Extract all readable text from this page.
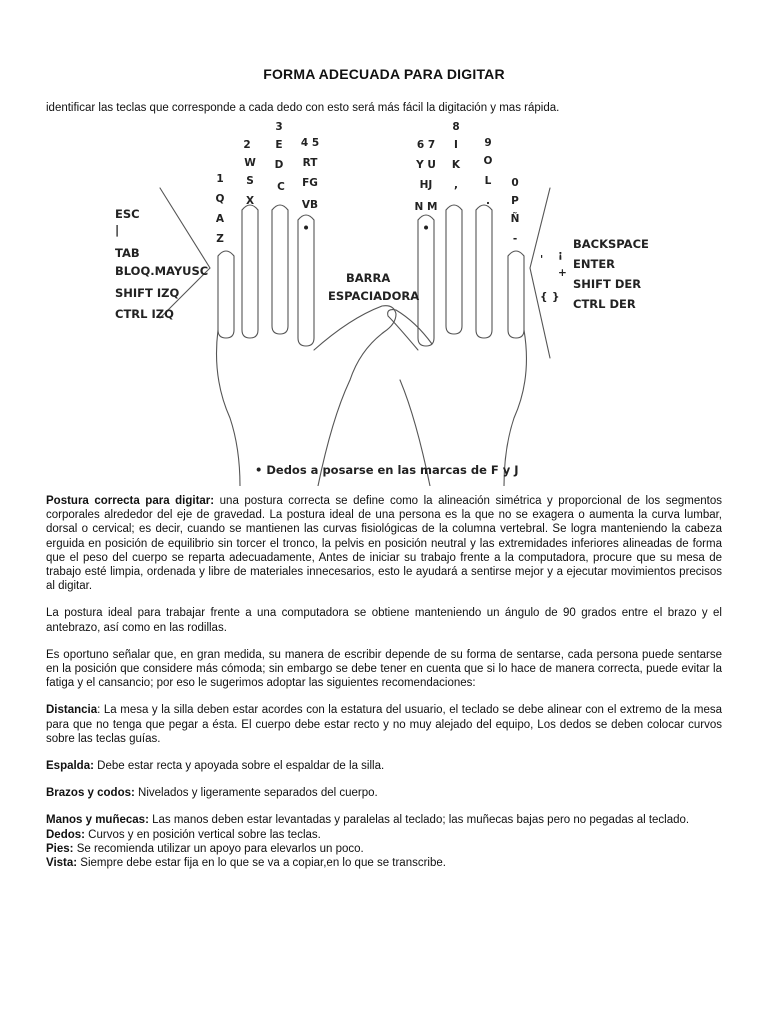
FORMA ADECUADA PARA DIGITAR
identificar las teclas que corresponde a cada dedo con esto será más fácil la digitación y mas rápida.
ESC
|
TAB
BLOQ.MAYUSC
SHIFT IZQ
CTRL IZQ
BACKSPACE
ENTER
SHIFT DER
CTRL DER
' ¡
+
{ }
BARRA
ESPACIADORA
1
Q
A
Z
2
W
S
X
3
E
D
C
4 5
RT
FG
VB
6 7
Y U
HJ
N M
8
I
K
,
9
O
L
.
0
P
Ñ
-
•	•
• Dedos a posarse en las marcas de F y J

Postura correcta para digitar: una postura correcta se define como la alineación simétrica y proporcional de los segmentos corporales alrededor del eje de gravedad. La postura ideal de una persona es la que no se exagera o aumenta la curva lumbar, dorsal o cervical; es decir, cuando se mantienen las curvas fisiológicas de la columna vertebral. Se logra manteniendo la cabeza erguida en posición de equilibrio sin torcer el tronco, la pelvis en posición neutral y las extremidades inferiores alineadas de forma que el peso del cuerpo se reparta adecuadamente, Antes de iniciar su trabajo frente a la computadora, procure que su mesa de trabajo esté limpia, ordenada y libre de materiales innecesarios, esto le ayudará a sentirse mejor y a ejecutar movimientos precisos al digitar.

La postura ideal para trabajar frente a una computadora se obtiene manteniendo un ángulo de 90 grados entre el brazo y el antebrazo, así como en las rodillas.

Es oportuno señalar que, en gran medida, su manera de escribir depende de su forma de sentarse, cada persona puede sentarse en la posición que considere más cómoda; sin embargo se debe tener en cuenta que si lo hace de manera correcta, puede evitar la fatiga y el cansancio; por eso le sugerimos adoptar las siguientes recomendaciones:

Distancia: La mesa y la silla deben estar acordes con la estatura del usuario, el teclado se debe alinear con el extremo de la mesa para que no tenga que pegar a ésta. El cuerpo debe estar recto y no muy alejado del equipo, Los dedos se deben colocar curvos sobre las teclas guías.

Espalda: Debe estar recta y apoyada sobre el espaldar de la silla.

Brazos y codos: Nivelados y ligeramente separados del cuerpo.

Manos y muñecas: Las manos deben estar levantadas y paralelas al teclado; las muñecas bajas pero no pegadas al teclado.

Dedos: Curvos y en posición vertical sobre las teclas.

Pies: Se recomienda utilizar un apoyo para elevarlos un poco.

Vista: Siempre debe estar fija en lo que se va a copiar,en lo que se transcribe.
